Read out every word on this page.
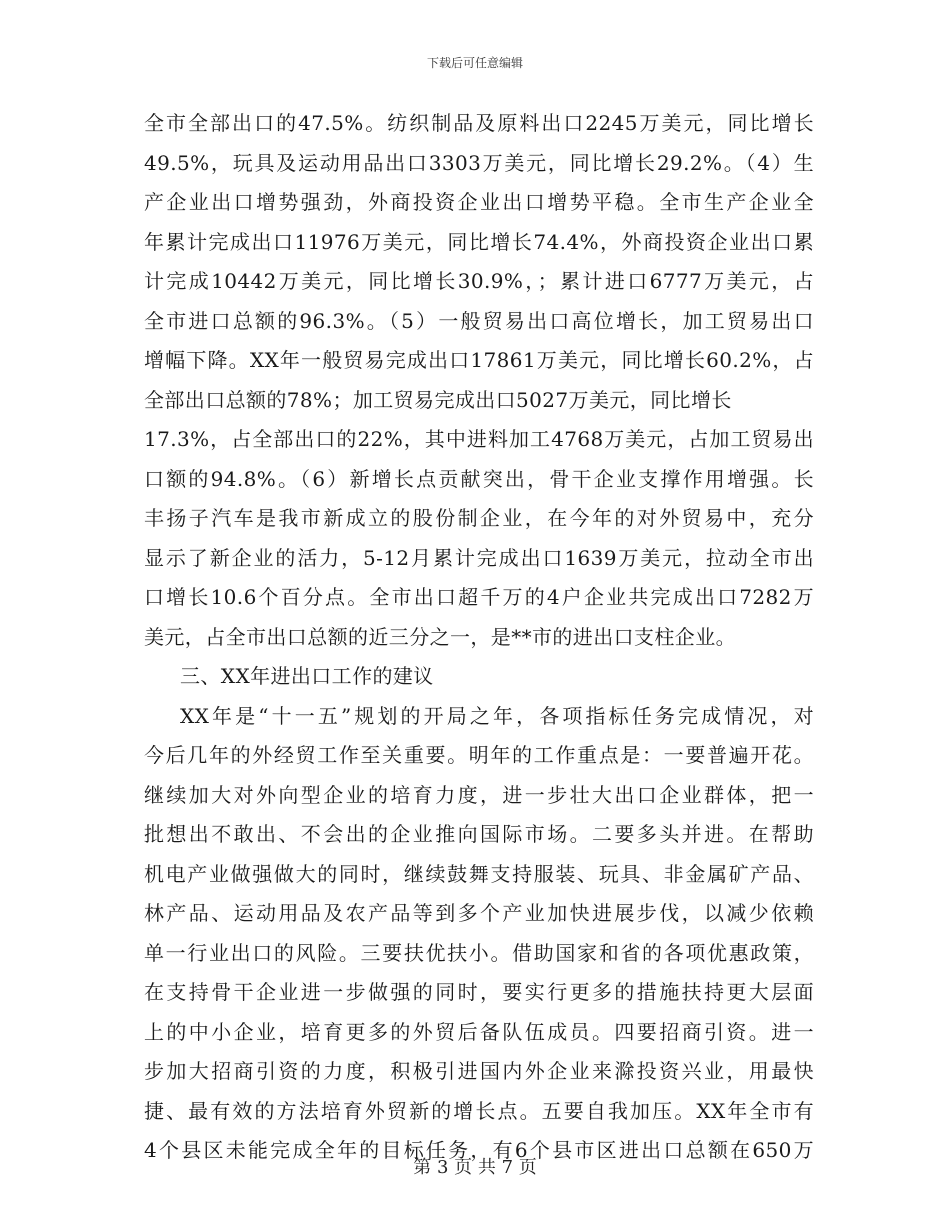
下载后可任意编辑
全市全部出口的47.5%。纺织制品及原料出口2245万美元，同比增长
49.5%，玩具及运动用品出口3303万美元，同比增长29.2%。（4）生
产企业出口增势强劲，外商投资企业出口增势平稳。全市生产企业全
年累计完成出口11976万美元，同比增长74.4%，外商投资企业出口累
计完成10442万美元，同比增长30.9%，；累计进口6777万美元，占
全市进口总额的96.3%。（5）一般贸易出口高位增长，加工贸易出口
增幅下降。XX年一般贸易完成出口17861万美元，同比增长60.2%，占
全部出口总额的78%；加工贸易完成出口5027万美元，同比增长
17.3%，占全部出口的22%，其中进料加工4768万美元，占加工贸易出
口额的94.8%。（6）新增长点贡献突出，骨干企业支撑作用增强。长
丰扬子汽车是我市新成立的股份制企业，在今年的对外贸易中，充分
显示了新企业的活力，5-12月累计完成出口1639万美元，拉动全市出
口增长10.6个百分点。全市出口超千万的4户企业共完成出口7282万
美元，占全市出口总额的近三分之一，是**市的进出口支柱企业。
三、XX年进出口工作的建议
XX年是“十一五”规划的开局之年，各项指标任务完成情况，对
今后几年的外经贸工作至关重要。明年的工作重点是：一要普遍开花。
继续加大对外向型企业的培育力度，进一步壮大出口企业群体，把一
批想出不敢出、不会出的企业推向国际市场。二要多头并进。在帮助
机电产业做强做大的同时，继续鼓舞支持服装、玩具、非金属矿产品、
林产品、运动用品及农产品等到多个产业加快进展步伐，以减少依赖
单一行业出口的风险。三要扶优扶小。借助国家和省的各项优惠政策，
在支持骨干企业进一步做强的同时，要实行更多的措施扶持更大层面
上的中小企业，培育更多的外贸后备队伍成员。四要招商引资。进一
步加大招商引资的力度，积极引进国内外企业来滁投资兴业，用最快
捷、最有效的方法培育外贸新的增长点。五要自我加压。XX年全市有
4个县区未能完成全年的目标任务，有6个县市区进出口总额在650万
第 3 页 共 7 页
